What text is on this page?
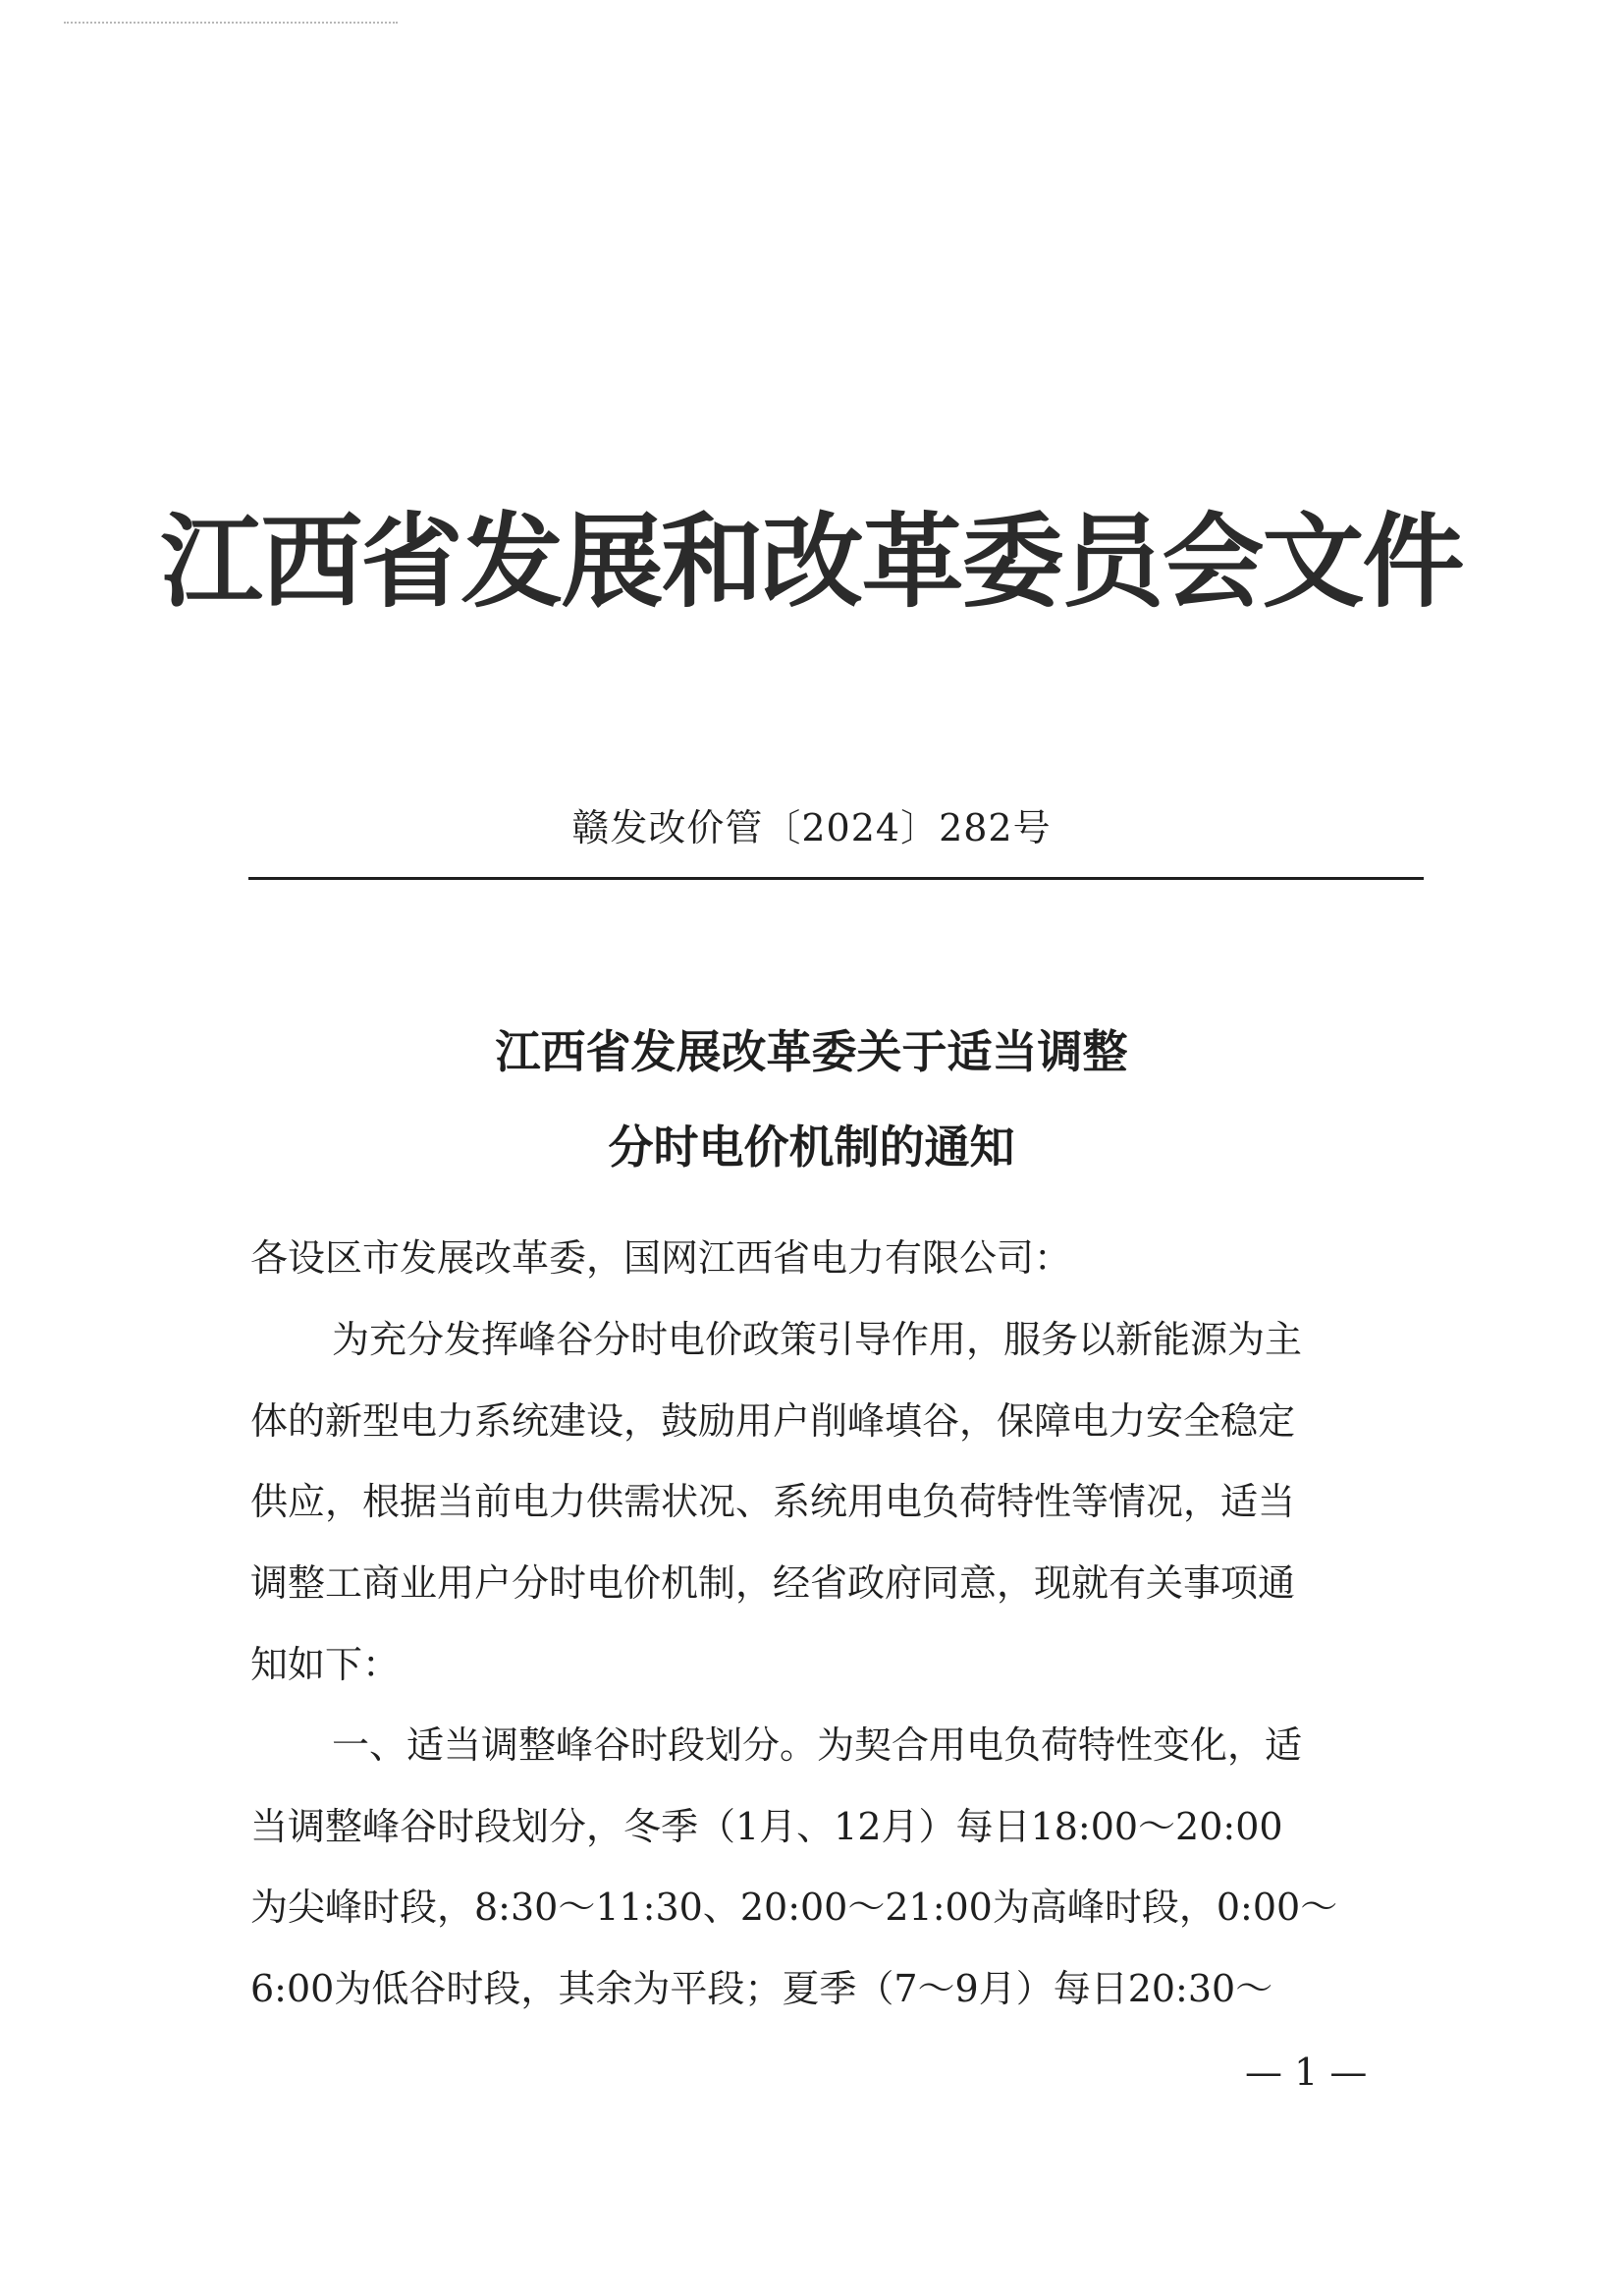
江西省发展和改革委员会文件
赣发改价管〔2024〕282号
江西省发展改革委关于适当调整
分时电价机制的通知
各设区市发展改革委，国网江西省电力有限公司：
为充分发挥峰谷分时电价政策引导作用，服务以新能源为主
体的新型电力系统建设，鼓励用户削峰填谷，保障电力安全稳定
供应，根据当前电力供需状况、系统用电负荷特性等情况，适当
调整工商业用户分时电价机制，经省政府同意，现就有关事项通
知如下：
一、适当调整峰谷时段划分。为契合用电负荷特性变化，适
当调整峰谷时段划分，冬季（1月、12月）每日18:00～20:00
为尖峰时段，8:30～11:30、20:00～21:00为高峰时段，0:00～
6:00为低谷时段，其余为平段；夏季（7～9月）每日20:30～
— 1 —
